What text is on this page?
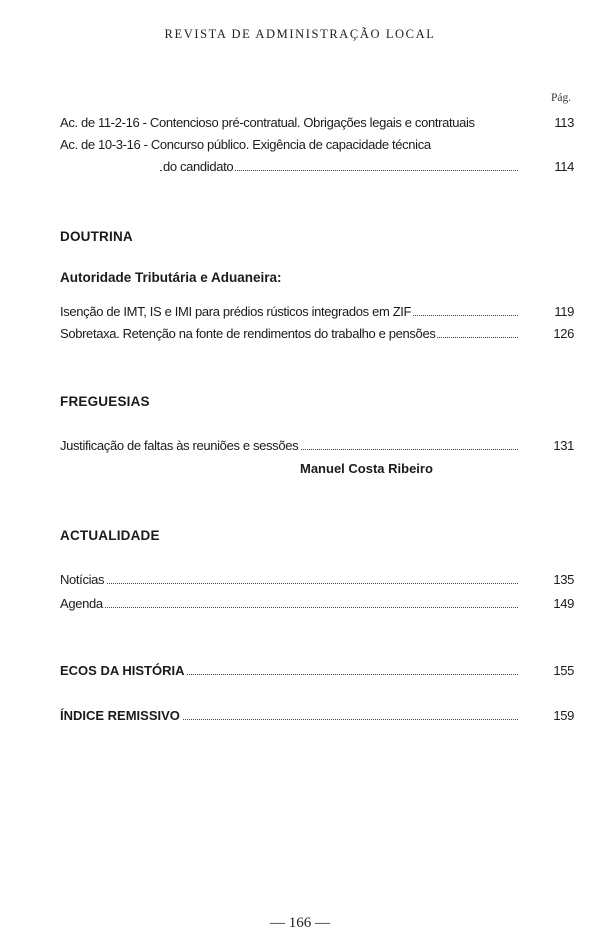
REVISTA DE ADMINISTRAÇÃO LOCAL
Pág.
Ac. de 11-2-16 - Contencioso pré-contratual. Obrigações legais e contratuais	113
Ac. de 10-3-16 - Concurso público. Exigência de capacidade técnica
do candidato	114
DOUTRINA
Autoridade Tributária e Aduaneira:
Isenção de IMT, IS e IMI para prédios rústicos integrados em ZIF	119
Sobretaxa. Retenção na fonte de rendimentos do trabalho e pensões	126
FREGUESIAS
Justificação de faltas às reuniões e sessões	131
Manuel Costa Ribeiro
ACTUALIDADE
Notícias	135
Agenda	149
ECOS DA HISTÓRIA	155
ÍNDICE REMISSIVO	159
— 166 —
